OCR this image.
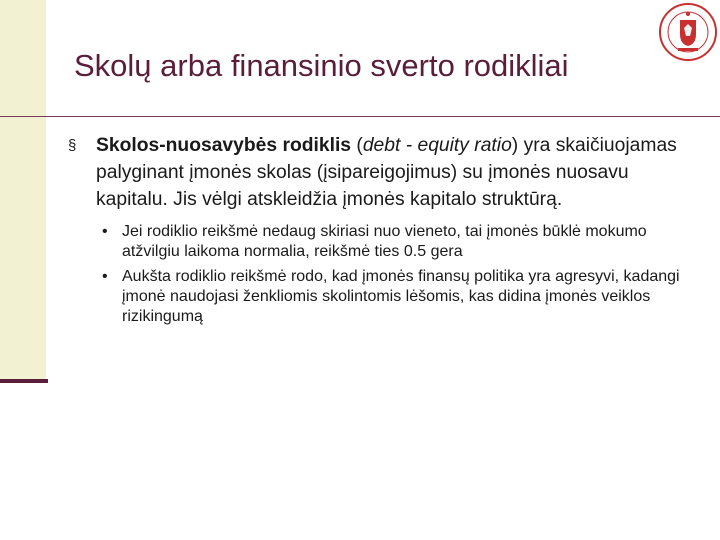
Skolų arba finansinio sverto rodikliai
§ Skolos-nuosavybės rodiklis (debt - equity ratio) yra skaičiuojamas palyginant įmonės skolas (įsipareigojimus) su įmonės nuosavu kapitalu. Jis vėlgi atskleidžia įmonės kapitalo struktūrą.
• Jei rodiklio reikšmė nedaug skiriasi nuo vieneto, tai įmonės būklė mokumo atžvilgiu laikoma normalia, reikšmė ties 0.5 gera
• Aukšta rodiklio reikšmė rodo, kad įmonės finansų politika yra agresyvi, kadangi įmonė naudojasi ženkliomis skolintomis lėšomis, kas didina įmonės veiklos rizikingumą
